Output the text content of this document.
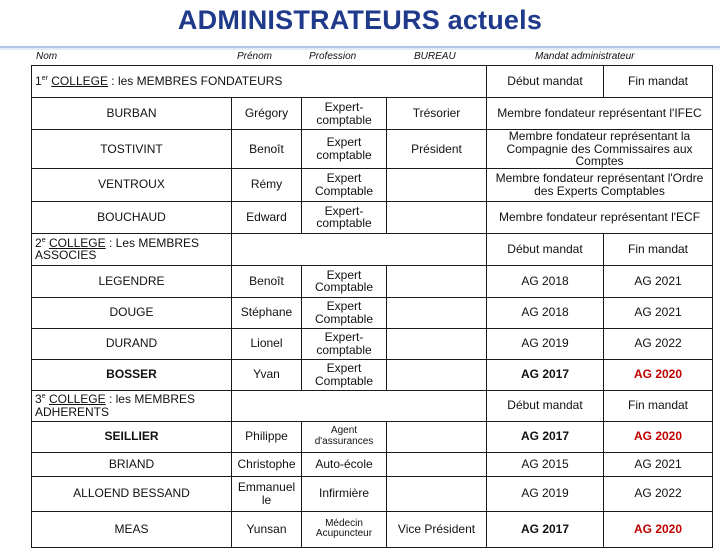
ADMINISTRATEURS actuels
Nom	Prénom	Profession	BUREAU	Mandat administrateur
1er COLLEGE : les MEMBRES FONDATEURS				Début mandat	Fin mandat
BURBAN	Grégory	Expert-comptable	Trésorier	Membre fondateur représentant l'IFEC	
TOSTIVINT	Benoît	Expert comptable	Président	Membre fondateur représentant la Compagnie des Commissaires aux Comptes	
VENTROUX	Rémy	Expert Comptable		Membre fondateur représentant l'Ordre des Experts Comptables	
BOUCHAUD	Edward	Expert-comptable		Membre fondateur représentant l'ECF	
2e COLLEGE : Les MEMBRES ASSOCIES				Début mandat	Fin mandat
LEGENDRE	Benoît	Expert Comptable		AG 2018	AG 2021
DOUGE	Stéphane	Expert Comptable		AG 2018	AG 2021
DURAND	Lionel	Expert-comptable		AG 2019	AG 2022
BOSSER	Yvan	Expert Comptable		AG 2017	AG 2020
3e COLLEGE : les MEMBRES ADHERENTS				Début mandat	Fin mandat
SEILLIER	Philippe	Agent d'assurances		AG 2017	AG 2020
BRIAND	Christophe	Auto-école		AG 2015	AG 2021
ALLOEND BESSAND	Emmanuel le	Infirmière		AG 2019	AG 2022
MEAS	Yunsan	Médecin Acupuncteur	Vice Président	AG 2017	AG 2020
